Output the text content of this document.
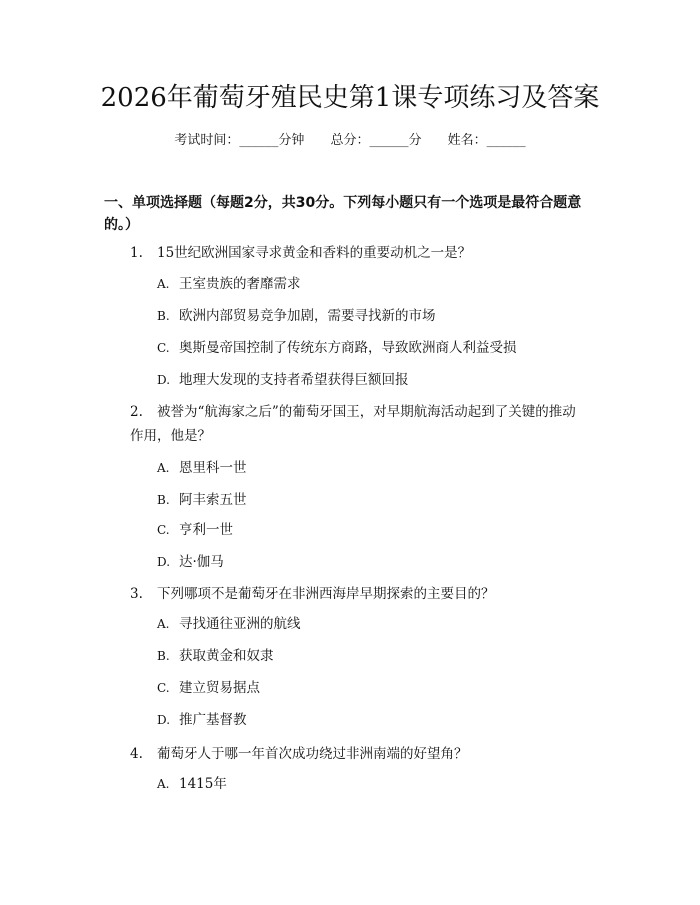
2026年葡萄牙殖民史第1课专项练习及答案
考试时间：______分钟 总分：______分 姓名：______
一、单项选择题（每题2分，共30分。下列每小题只有一个选项是最符合题意的。）
1. 15世纪欧洲国家寻求黄金和香料的重要动机之一是？
A. 王室贵族的奢靡需求
B. 欧洲内部贸易竞争加剧，需要寻找新的市场
C. 奥斯曼帝国控制了传统东方商路，导致欧洲商人利益受损
D. 地理大发现的支持者希望获得巨额回报
2. 被誉为“航海家之后”的葡萄牙国王，对早期航海活动起到了关键的推动
作用，他是？
A. 恩里科一世
B. 阿丰索五世
C. 亨利一世
D. 达·伽马
3. 下列哪项不是葡萄牙在非洲西海岸早期探索的主要目的？
A. 寻找通往亚洲的航线
B. 获取黄金和奴隶
C. 建立贸易据点
D. 推广基督教
4. 葡萄牙人于哪一年首次成功绕过非洲南端的好望角？
A. 1415年
